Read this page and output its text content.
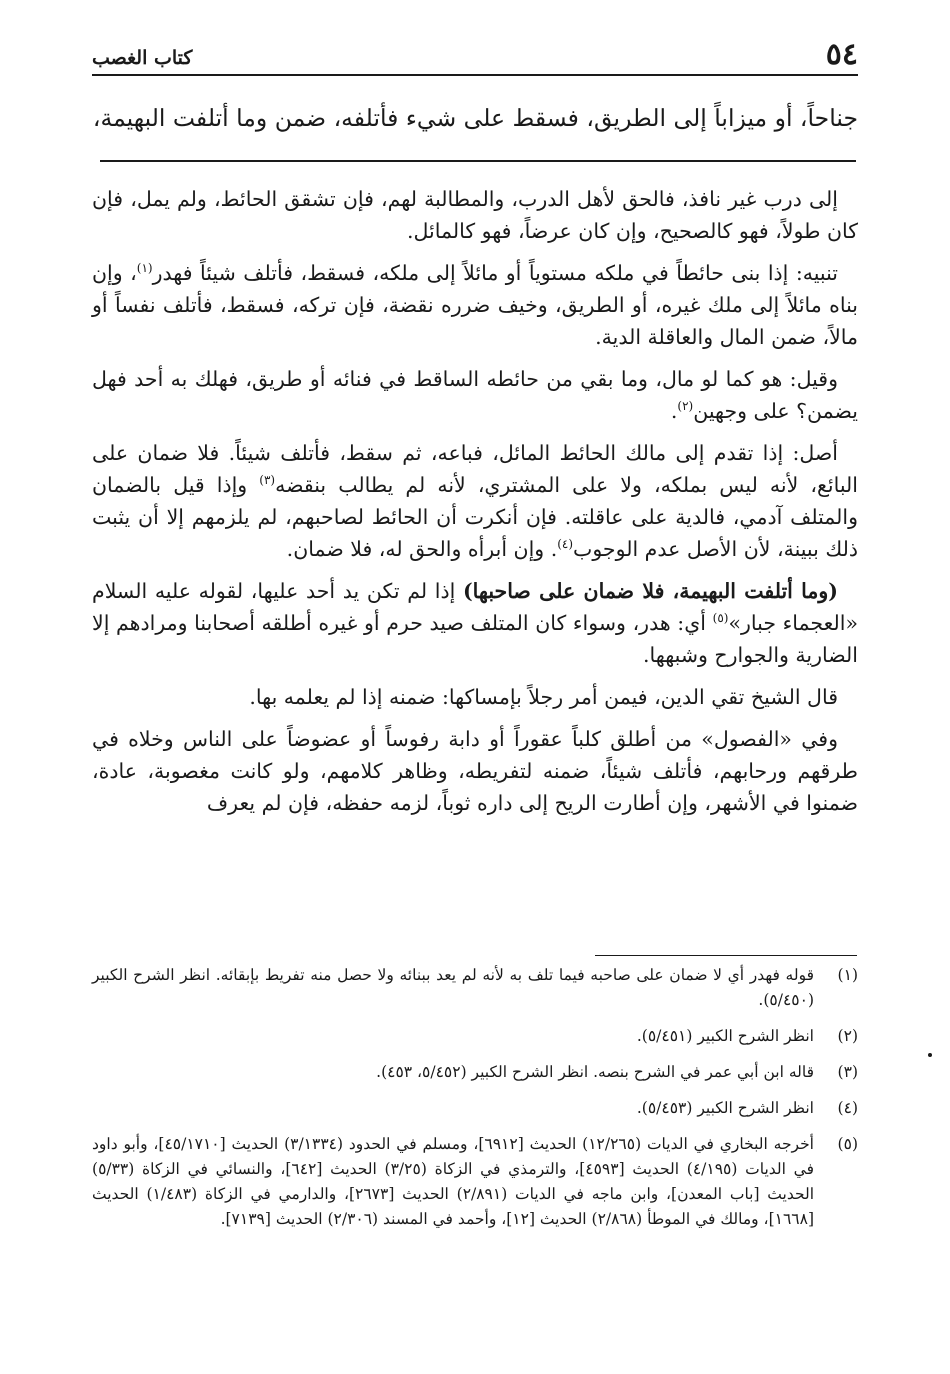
٥٤
كتاب الغصب
جناحاً، أو ميزاباً إلى الطريق، فسقط على شيء فأتلفه، ضمن وما أتلفت البهيمة،

إلى درب غير نافذ، فالحق لأهل الدرب، والمطالبة لهم، فإن تشقق الحائط، ولم يمل، فإن كان طولاً، فهو كالصحيح، وإن كان عرضاً، فهو كالمائل.

تنبيه: إذا بنى حائطاً في ملكه مستوياً أو مائلاً إلى ملكه، فسقط، فأتلف شيئاً فهدر$^{(١)}$، وإن بناه مائلاً إلى ملك غيره، أو الطريق، وخيف ضرره نقضة، فإن تركه، فسقط، فأتلف نفساً أو مالاً، ضمن المال والعاقلة الدية.

وقيل: هو كما لو مال، وما بقي من حائطه الساقط في فنائه أو طريق، فهلك به أحد فهل يضمن؟ على وجهين$^{(٢)}$.

أصل: إذا تقدم إلى مالك الحائط المائل، فباعه، ثم سقط، فأتلف شيئاً. فلا ضمان على البائع، لأنه ليس بملكه، ولا على المشتري، لأنه لم يطالب بنقضه$^{(٣)}$ وإذا قيل بالضمان والمتلف آدمي، فالدية على عاقلته. فإن أنكرت أن الحائط لصاحبهم، لم يلزمهم إلا أن يثبت ذلك ببينة، لأن الأصل عدم الوجوب$^{(٤)}$. وإن أبرأه والحق له، فلا ضمان.

(وما أتلفت البهيمة، فلا ضمان على صاحبها) إذا لم تكن يد أحد عليها، لقوله عليه السلام «العجماء جبار»$^{(٥)}$ أي: هدر، وسواء كان المتلف صيد حرم أو غيره أطلقه أصحابنا ومرادهم إلا الضارية والجوارح وشبهها.

قال الشيخ تقي الدين، فيمن أمر رجلاً بإمساكها: ضمنه إذا لم يعلمه بها.

وفي «الفصول» من أطلق كلباً عقوراً أو دابة رفوساً أو عضوضاً على الناس وخلاه في طرقهم ورحابهم، فأتلف شيئاً، ضمنه لتفريطه، وظاهر كلامهم، ولو كانت مغصوبة، عادة، ضمنوا في الأشهر، وإن أطارت الريح إلى داره ثوباً، لزمه حفظه، فإن لم يعرف

(١)
قوله فهدر أي لا ضمان على صاحبه فيما تلف به لأنه لم يعد ببنائه ولا حصل منه تفريط بإبقائه. انظر الشرح الكبير (٥/٤٥٠).
(٢)
انظر الشرح الكبير (٥/٤٥١).
(٣)
قاله ابن أبي عمر في الشرح بنصه. انظر الشرح الكبير (٥/٤٥٢، ٤٥٣).
(٤)
انظر الشرح الكبير (٥/٤٥٣).
(٥)
أخرجه البخاري في الديات (١٢/٢٦٥) الحديث [٦٩١٢]، ومسلم في الحدود (٣/١٣٣٤) الحديث [٤٥/١٧١٠]، وأبو داود في الديات (٤/١٩٥) الحديث [٤٥٩٣]، والترمذي في الزكاة (٣/٢٥) الحديث [٦٤٢]، والنسائي في الزكاة (٥/٣٣) الحديث [باب المعدن]، وابن ماجه في الديات (٢/٨٩١) الحديث [٢٦٧٣]، والدارمي في الزكاة (١/٤٨٣) الحديث [١٦٦٨]، ومالك في الموطأ (٢/٨٦٨) الحديث [١٢]، وأحمد في المسند (٢/٣٠٦) الحديث [٧١٣٩].
